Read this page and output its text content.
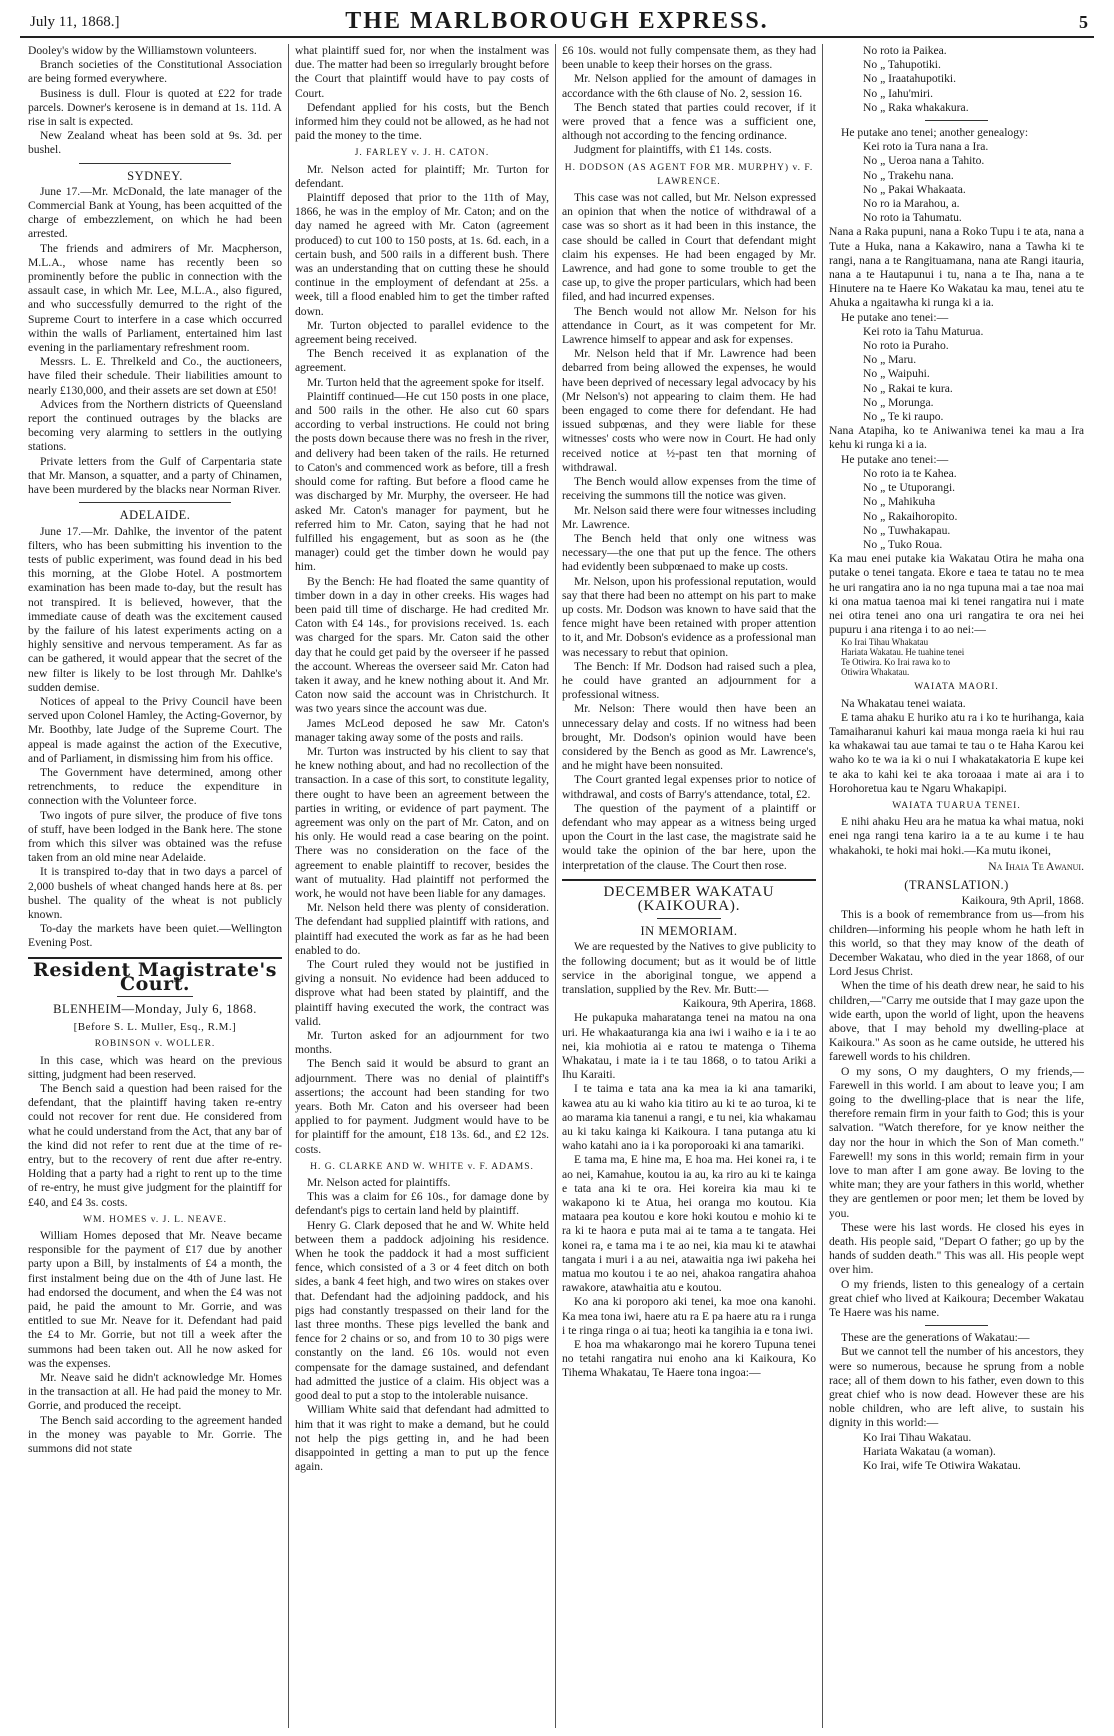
July 11, 1868.]	THE MARLBOROUGH EXPRESS.	5

Dooley's widow by the Williamstown volunteers.

Branch societies of the Constitutional Association are being formed everywhere.

Business is dull. Flour is quoted at £22 for trade parcels. Downer's kerosene is in demand at 1s. 11d. A rise in salt is expected.

New Zealand wheat has been sold at 9s. 3d. per bushel.

SYDNEY.

June 17.—Mr. McDonald, the late manager of the Commercial Bank at Young, has been acquitted of the charge of embezzlement, on which he had been arrested.

The friends and admirers of Mr. Macpherson, M.L.A., whose name has recently been so prominently before the public in connection with the assault case, in which Mr. Lee, M.L.A., also figured, and who successfully demurred to the right of the Supreme Court to interfere in a case which occurred within the walls of Parliament, entertained him last evening in the parliamentary refreshment room.

Messrs. L. E. Threlkeld and Co., the auctioneers, have filed their schedule. Their liabilities amount to nearly £130,000, and their assets are set down at £50!

Advices from the Northern districts of Queensland report the continued outrages by the blacks are becoming very alarming to settlers in the outlying stations.

Private letters from the Gulf of Carpentaria state that Mr. Manson, a squatter, and a party of Chinamen, have been murdered by the blacks near Norman River.

ADELAIDE.

June 17.—Mr. Dahlke, the inventor of the patent filters, who has been submitting his invention to the tests of public experiment, was found dead in his bed this morning, at the Globe Hotel. A postmortem examination has been made to-day, but the result has not transpired. It is believed, however, that the immediate cause of death was the excitement caused by the failure of his latest experiments acting on a highly sensitive and nervous temperament. As far as can be gathered, it would appear that the secret of the new filter is likely to be lost through Mr. Dahlke's sudden demise.

Notices of appeal to the Privy Council have been served upon Colonel Hamley, the Acting-Governor, by Mr. Boothby, late Judge of the Supreme Court. The appeal is made against the action of the Executive, and of Parliament, in dismissing him from his office.

The Government have determined, among other retrenchments, to reduce the expenditure in connection with the Volunteer force.

Two ingots of pure silver, the produce of five tons of stuff, have been lodged in the Bank here. The stone from which this silver was obtained was the refuse taken from an old mine near Adelaide.

It is transpired to-day that in two days a parcel of 2,000 bushels of wheat changed hands here at 8s. per bushel. The quality of the wheat is not publicly known.

To-day the markets have been quiet.—Wellington Evening Post.

Resident Magistrate's Court.
BLENHEIM—Monday, July 6, 1868.
[Before S. L. Muller, Esq., R.M.]
ROBINSON v. WOLLER.

In this case, which was heard on the previous sitting, judgment had been reserved.

The Bench said a question had been raised for the defendant, that the plaintiff having taken re-entry could not recover for rent due. He considered from what he could understand from the Act, that any bar of the kind did not refer to rent due at the time of re-entry, but to the recovery of rent due after re-entry. Holding that a party had a right to rent up to the time of re-entry, he must give judgment for the plaintiff for £40, and £4 3s. costs.

WM. HOMES v. J. L. NEAVE.

William Homes deposed that Mr. Neave became responsible for the payment of £17 due by another party upon a Bill, by instalments of £4 a month, the first instalment being due on the 4th of June last. He had endorsed the document, and when the £4 was not paid, he paid the amount to Mr. Gorrie, and was entitled to sue Mr. Neave for it. Defendant had paid the £4 to Mr. Gorrie, but not till a week after the summons had been taken out. All he now asked for was the expenses.

Mr. Neave said he didn't acknowledge Mr. Homes in the transaction at all. He had paid the money to Mr. Gorrie, and produced the receipt.

The Bench said according to the agreement handed in the money was payable to Mr. Gorrie. The summons did not state

what plaintiff sued for, nor when the instalment was due. The matter had been so irregularly brought before the Court that plaintiff would have to pay costs of Court.

Defendant applied for his costs, but the Bench informed him they could not be allowed, as he had not paid the money to the time.

J. FARLEY v. J. H. CATON.

Mr. Nelson acted for plaintiff; Mr. Turton for defendant.

Plaintiff deposed that prior to the 11th of May, 1866, he was in the employ of Mr. Caton; and on the day named he agreed with Mr. Caton (agreement produced) to cut 100 to 150 posts, at 1s. 6d. each, in a certain bush, and 500 rails in a different bush. There was an understanding that on cutting these he should continue in the employment of defendant at 25s. a week, till a flood enabled him to get the timber rafted down.

Mr. Turton objected to parallel evidence to the agreement being received.

The Bench received it as explanation of the agreement.

Mr. Turton held that the agreement spoke for itself.

Plaintiff continued—He cut 150 posts in one place, and 500 rails in the other. He also cut 60 spars according to verbal instructions. He could not bring the posts down because there was no fresh in the river, and delivery had been taken of the rails. He returned to Caton's and commenced work as before, till a fresh should come for rafting. But before a flood came he was discharged by Mr. Murphy, the overseer. He had asked Mr. Caton's manager for payment, but he referred him to Mr. Caton, saying that he had not fulfilled his engagement, but as soon as he (the manager) could get the timber down he would pay him.

By the Bench: He had floated the same quantity of timber down in a day in other creeks. His wages had been paid till time of discharge. He had credited Mr. Caton with £4 14s., for provisions received. 1s. each was charged for the spars. Mr. Caton said the other day that he could get paid by the overseer if he passed the account. Whereas the overseer said Mr. Caton had taken it away, and he knew nothing about it. And Mr. Caton now said the account was in Christchurch. It was two years since the account was due.

James McLeod deposed he saw Mr. Caton's manager taking away some of the posts and rails.

Mr. Turton was instructed by his client to say that he knew nothing about, and had no recollection of the transaction. In a case of this sort, to constitute legality, there ought to have been an agreement between the parties in writing, or evidence of part payment. The agreement was only on the part of Mr. Caton, and on his only. He would read a case bearing on the point. There was no consideration on the face of the agreement to enable plaintiff to recover, besides the want of mutuality. Had plaintiff not performed the work, he would not have been liable for any damages.

Mr. Nelson held there was plenty of consideration. The defendant had supplied plaintiff with rations, and plaintiff had executed the work as far as he had been enabled to do.

The Court ruled they would not be justified in giving a nonsuit. No evidence had been adduced to disprove what had been stated by plaintiff, and the plaintiff having executed the work, the contract was valid.

Mr. Turton asked for an adjournment for two months.

The Bench said it would be absurd to grant an adjournment. There was no denial of plaintiff's assertions; the account had been standing for two years. Both Mr. Caton and his overseer had been applied to for payment. Judgment would have to be for plaintiff for the amount, £18 13s. 6d., and £2 12s. costs.

H. G. CLARKE AND W. WHITE v. F. ADAMS.

Mr. Nelson acted for plaintiffs.

This was a claim for £6 10s., for damage done by defendant's pigs to certain land held by plaintiff.

Henry G. Clark deposed that he and W. White held between them a paddock adjoining his residence. When he took the paddock it had a most sufficient fence, which consisted of a 3 or 4 feet ditch on both sides, a bank 4 feet high, and two wires on stakes over that. Defendant had the adjoining paddock, and his pigs had constantly trespassed on their land for the last three months. These pigs levelled the bank and fence for 2 chains or so, and from 10 to 30 pigs were constantly on the land. £6 10s. would not even compensate for the damage sustained, and defendant had admitted the justice of a claim. His object was a good deal to put a stop to the intolerable nuisance.

William White said that defendant had admitted to him that it was right to make a demand, but he could not help the pigs getting in, and he had been disappointed in getting a man to put up the fence again.

£6 10s. would not fully compensate them, as they had been unable to keep their horses on the grass.

Mr. Nelson applied for the amount of damages in accordance with the 6th clause of No. 2, session 16.

The Bench stated that parties could recover, if it were proved that a fence was a sufficient one, although not according to the fencing ordinance.

Judgment for plaintiffs, with £1 14s. costs.

H. DODSON (AS AGENT FOR MR. MURPHY) v. F. LAWRENCE.

This case was not called, but Mr. Nelson expressed an opinion that when the notice of withdrawal of a case was so short as it had been in this instance, the case should be called in Court that defendant might claim his expenses. He had been engaged by Mr. Lawrence, and had gone to some trouble to get the case up, to give the proper particulars, which had been filed, and had incurred expenses.

The Bench would not allow Mr. Nelson for his attendance in Court, as it was competent for Mr. Lawrence himself to appear and ask for expenses.

Mr. Nelson held that if Mr. Lawrence had been debarred from being allowed the expenses, he would have been deprived of necessary legal advocacy by his (Mr Nelson's) not appearing to claim them. He had been engaged to come there for defendant. He had issued subpœnas, and they were liable for these witnesses' costs who were now in Court. He had only received notice at ½-past ten that morning of withdrawal.

The Bench would allow expenses from the time of receiving the summons till the notice was given.

Mr. Nelson said there were four witnesses including Mr. Lawrence.

The Bench held that only one witness was necessary—the one that put up the fence. The others had evidently been subpœnaed to make up costs.

Mr. Nelson, upon his professional reputation, would say that there had been no attempt on his part to make up costs. Mr. Dodson was known to have said that the fence might have been retained with proper attention to it, and Mr. Dobson's evidence as a professional man was necessary to rebut that opinion.

The Bench: If Mr. Dodson had raised such a plea, he could have granted an adjournment for a professional witness.

Mr. Nelson: There would then have been an unnecessary delay and costs. If no witness had been brought, Mr. Dodson's opinion would have been considered by the Bench as good as Mr. Lawrence's, and he might have been nonsuited.

The Court granted legal expenses prior to notice of withdrawal, and costs of Barry's attendance, total, £2.

The question of the payment of a plaintiff or defendant who may appear as a witness being urged upon the Court in the last case, the magistrate said he would take the opinion of the bar here, upon the interpretation of the clause. The Court then rose.

DECEMBER WAKATAU (KAIKOURA).
IN MEMORIAM.

We are requested by the Natives to give publicity to the following document; but as it would be of little service in the aboriginal tongue, we append a translation, supplied by the Rev. Mr. Butt:—

Kaikoura, 9th Aperira, 1868.

He pukapuka maharatanga tenei na matou na ona uri. He whakaaturanga kia ana iwi i waiho e ia i te ao nei, kia mohiotia ai e ratou te matenga o Tihema Whakatau, i mate ia i te tau 1868, o to tatou Ariki a Ihu Karaiti.

I te taima e tata ana ka mea ia ki ana tamariki, kawea atu au ki waho kia titiro au ki te ao turoa, ki te ao marama kia tanenui a rangi, e tu nei, kia whakamau au ki taku kainga ki Kaikoura. I tana putanga atu ki waho katahi ano ia i ka poroporoaki ki ana tamariki.

E tama ma, E hine ma, E hoa ma. Hei konei ra, i te ao nei, Kamahue, koutou ia au, ka riro au ki te kainga e tata ana ki te ora. Hei koreira kia mau ki te wakapono ki te Atua, hei oranga mo koutou. Kia mataara pea koutou e kore hoki koutou e mohio ki te ra ki te haora e puta mai ai te tama a te tangata. Hei konei ra, e tama ma i te ao nei, kia mau ki te atawhai tangata i muri i a au nei, atawaitia nga iwi pakeha hei matua mo koutou i te ao nei, ahakoa rangatira ahahoa rawakore, atawhaitia atu e koutou.

Ko ana ki poroporo aki tenei, ka moe ona kanohi. Ka mea tona iwi, haere atu ra E pa haere atu ra i runga i te ringa ringa o ai tua; heoti ka tangihia ia e tona iwi.

E hoa ma whakarongo mai he korero Tupuna tenei no tetahi rangatira nui enoho ana ki Kaikoura, Ko Tihema Whakatau, Te Haere tona ingoa:—

No roto ia Paikea.

No „ Tahupotiki.

No „ Iraatahupotiki.

No „ Iahu'miri.

No „ Raka whakakura.

He putake ano tenei; another genealogy:

Kei roto ia Tura nana a Ira.

No „ Ueroa nana a Tahito.

No „ Trakehu nana.

No „ Pakai Whakaata.

No ro ia Marahou, a.

No roto ia Tahumatu.

Nana a Raka pupuni, nana a Roko Tupu i te ata, nana a Tute a Huka, nana a Kakawiro, nana a Tawha ki te rangi, nana a te Rangituamana, nana ate Rangi itauria, nana a te Hautapunui i tu, nana a te Iha, nana a te Hinutere na te Haere Ko Wakatau ka mau, tenei atu te Ahuka a ngaitawha ki runga ki a ia.

He putake ano tenei:—

Kei roto ia Tahu Maturua.

No roto ia Puraho.

No „ Maru.

No „ Waipuhi.

No „ Rakai te kura.

No „ Morunga.

No „ Te ki raupo.

Nana Atapiha, ko te Aniwaniwa tenei ka mau a Ira kehu ki runga ki a ia.

He putake ano tenei:—

No roto ia te Kahea.

No „ te Utuporangi.

No „ Mahikuha

No „ Rakaihoropito.

No „ Tuwhakapau.

No „ Tuko Roua.

Ka mau enei putake kia Wakatau Otira he maha ona putake o tenei tangata. Ekore e taea te tatau no te mea he uri rangatira ano ia no nga tupuna mai a tae noa mai ki ona matua taenoa mai ki tenei rangatira nui i mate nei otira tenei ano ona uri rangatira te ora nei hei pupuru i ana ritenga i to ao nei:—

Ko Irai Tihau Whakatau

Hariata Wakatau. He tuahine tenei

Te Otiwira. Ko Irai rawa ko to

Otiwira Whakatau.

WAIATA MAORI.

Na Whakatau tenei waiata.

E tama ahaku E huriko atu ra i ko te hurihanga, kaia Tamaiharanui kahuri kai maua monga raeia ki hui rau ka whakawai tau aue tamai te tau o te Haha Karou kei waho ko te wa ia ki o nui I whakatakatoria E kupe kei te aka to kahi kei te aka toroaaa i mate ai ara i to Horohoretua kau te Ngaru Whakapipi.

WAIATA TUARUA TENEI.

E nihi ahaku Heu ara he matua ka whai matua, noki enei nga rangi tena kariro ia a te au kume i te hau whakahoki, te hoki mai hoki.—Ka mutu ikonei,

Na Ihaia Te Awanui.

(TRANSLATION.)

Kaikoura, 9th April, 1868.

This is a book of remembrance from us—from his children—informing his people whom he hath left in this world, so that they may know of the death of December Wakatau, who died in the year 1868, of our Lord Jesus Christ.

When the time of his death drew near, he said to his children,—"Carry me outside that I may gaze upon the wide earth, upon the world of light, upon the heavens above, that I may behold my dwelling-place at Kaikoura." As soon as he came outside, he uttered his farewell words to his children.

O my sons, O my daughters, O my friends,—Farewell in this world. I am about to leave you; I am going to the dwelling-place that is near the life, therefore remain firm in your faith to God; this is your salvation. "Watch therefore, for ye know neither the day nor the hour in which the Son of Man cometh." Farewell! my sons in this world; remain firm in your love to man after I am gone away. Be loving to the white man; they are your fathers in this world, whether they are gentlemen or poor men; let them be loved by you.

These were his last words. He closed his eyes in death. His people said, "Depart O father; go up by the hands of sudden death." This was all. His people wept over him.

O my friends, listen to this genealogy of a certain great chief who lived at Kaikoura; December Wakatau Te Haere was his name.

These are the generations of Wakatau:—

But we cannot tell the number of his ancestors, they were so numerous, because he sprung from a noble race; all of them down to his father, even down to this great chief who is now dead. However these are his noble children, who are left alive, to sustain his dignity in this world:—

Ko Irai Tihau Wakatau.

Hariata Wakatau (a woman).

Ko Irai, wife Te Otiwira Wakatau.
